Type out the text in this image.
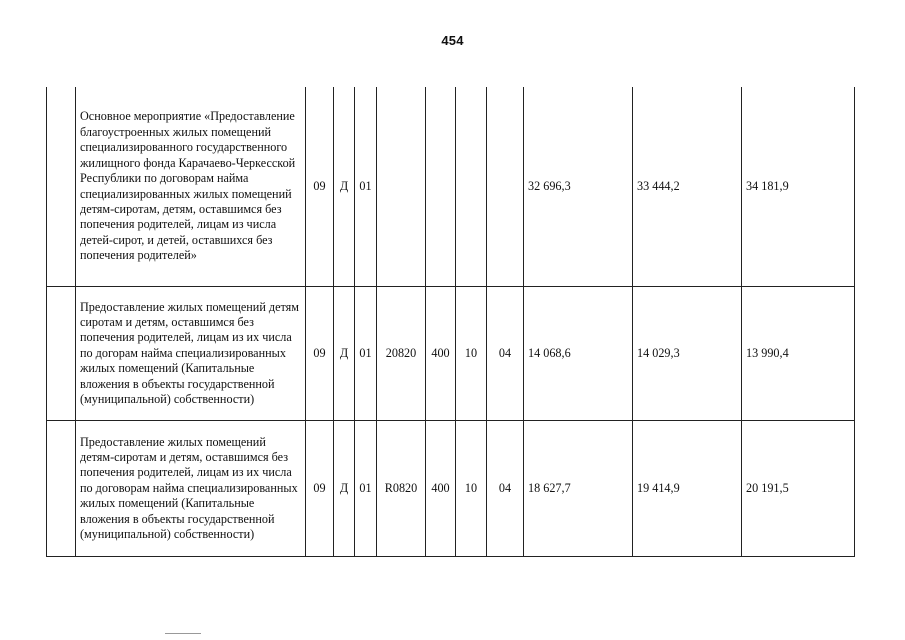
454
	Основное мероприятие «Предоставление благоустроенных жилых помещений специализированного государственного жилищного фонда Карачаево-Черкесской Республики по договорам найма специализированных жилых помещений детям-сиротам, детям, оставшимся без попечения родителей, лицам из числа детей-сирот, и детей, оставшихся без попечения родителей»	09	Д	01					32 696,3	33 444,2	34 181,9
	Предоставление жилых помещений детям сиротам и детям, оставшимся без попечения родителей, лицам из их числа по догорам найма специализированных жилых помещений (Капитальные вложения в объекты государственной (муниципальной) собственности)	09	Д	01	20820	400	10	04	14 068,6	14 029,3	13 990,4
	Предоставление жилых помещений детям-сиротам и детям, оставшимся без попечения родителей, лицам из их числа по договорам найма специализированных жилых помещений (Капитальные вложения в объекты государственной (муниципальной) собственности)	09	Д	01	R0820	400	10	04	18 627,7	19 414,9	20 191,5
